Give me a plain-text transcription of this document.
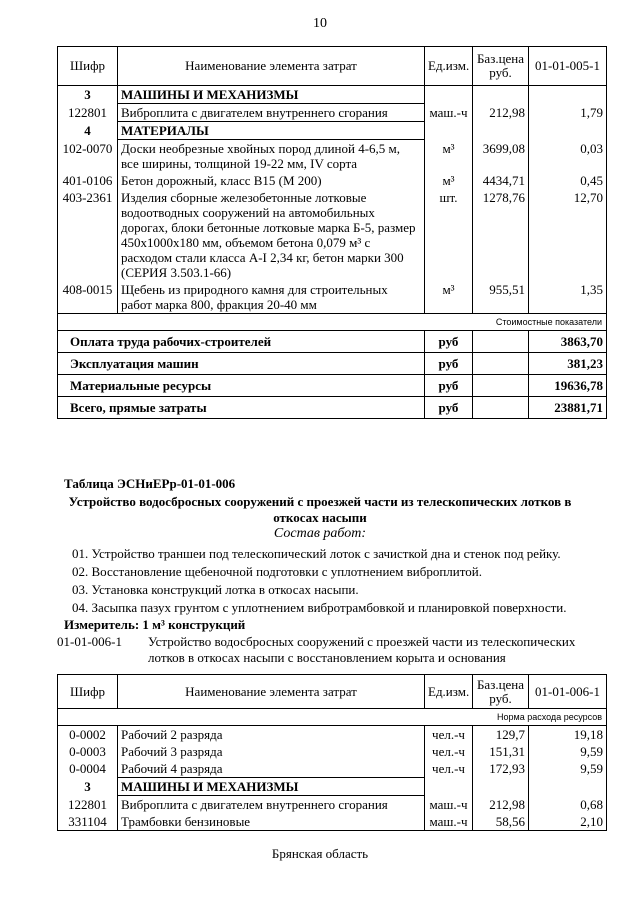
10
Шифр	Наименование элемента затрат	Ед.изм.	Баз.цена руб.	01-01-005-1
3	МАШИНЫ И МЕХАНИЗМЫ			
122801	Виброплита с двигателем внутреннего сгорания	маш.-ч	212,98	1,79
4	МАТЕРИАЛЫ			
102-0070	Доски необрезные хвойных пород длиной 4-6,5 м, все ширины, толщиной 19-22 мм, IV сорта	м³	3699,08	0,03
401-0106	Бетон дорожный, класс В15 (М 200)	м³	4434,71	0,45
403-2361	Изделия сборные железобетонные лотковые водоотводных сооружений на автомобильных дорогах, блоки бетонные лотковые марка Б-5, размер 450х1000х180 мм, объемом бетона 0,079 м³ с расходом стали класса А-I 2,34 кг, бетон марки 300 (СЕРИЯ 3.503.1-66)	шт.	1278,76	12,70
408-0015	Щебень из природного камня для строительных работ марка 800, фракция 20-40 мм	м³	955,51	1,35
Стоимостные показатели				
Оплата труда рабочих-строителей		руб		3863,70
Эксплуатация машин		руб		381,23
Материальные ресурсы		руб		19636,78
Всего, прямые затраты		руб		23881,71
Таблица ЭСНиЕРр-01-01-006
Устройство водосбросных сооружений с проезжей части из телескопических лотков в откосах насыпи
Состав работ:
01. Устройство траншеи под телескопический лоток с зачисткой дна и стенок под рейку.
02. Восстановление щебеночной подготовки с уплотнением виброплитой.
03. Установка конструкций лотка в откосах насыпи.
04. Засыпка пазух грунтом с уплотнением вибротрамбовкой и планировкой поверхности.
Измеритель: 1 м³ конструкций
01-01-006-1	Устройство водосбросных сооружений с проезжей части из телескопических лотков в откосах насыпи с восстановлением корыта и основания
Шифр	Наименование элемента затрат	Ед.изм.	Баз.цена руб.	01-01-006-1
Норма расхода ресурсов				
0-0002	Рабочий 2 разряда	чел.-ч	129,7	19,18
0-0003	Рабочий 3 разряда	чел.-ч	151,31	9,59
0-0004	Рабочий 4 разряда	чел.-ч	172,93	9,59
3	МАШИНЫ И МЕХАНИЗМЫ			
122801	Виброплита с двигателем внутреннего сгорания	маш.-ч	212,98	0,68
331104	Трамбовки бензиновые	маш.-ч	58,56	2,10
Брянская область
